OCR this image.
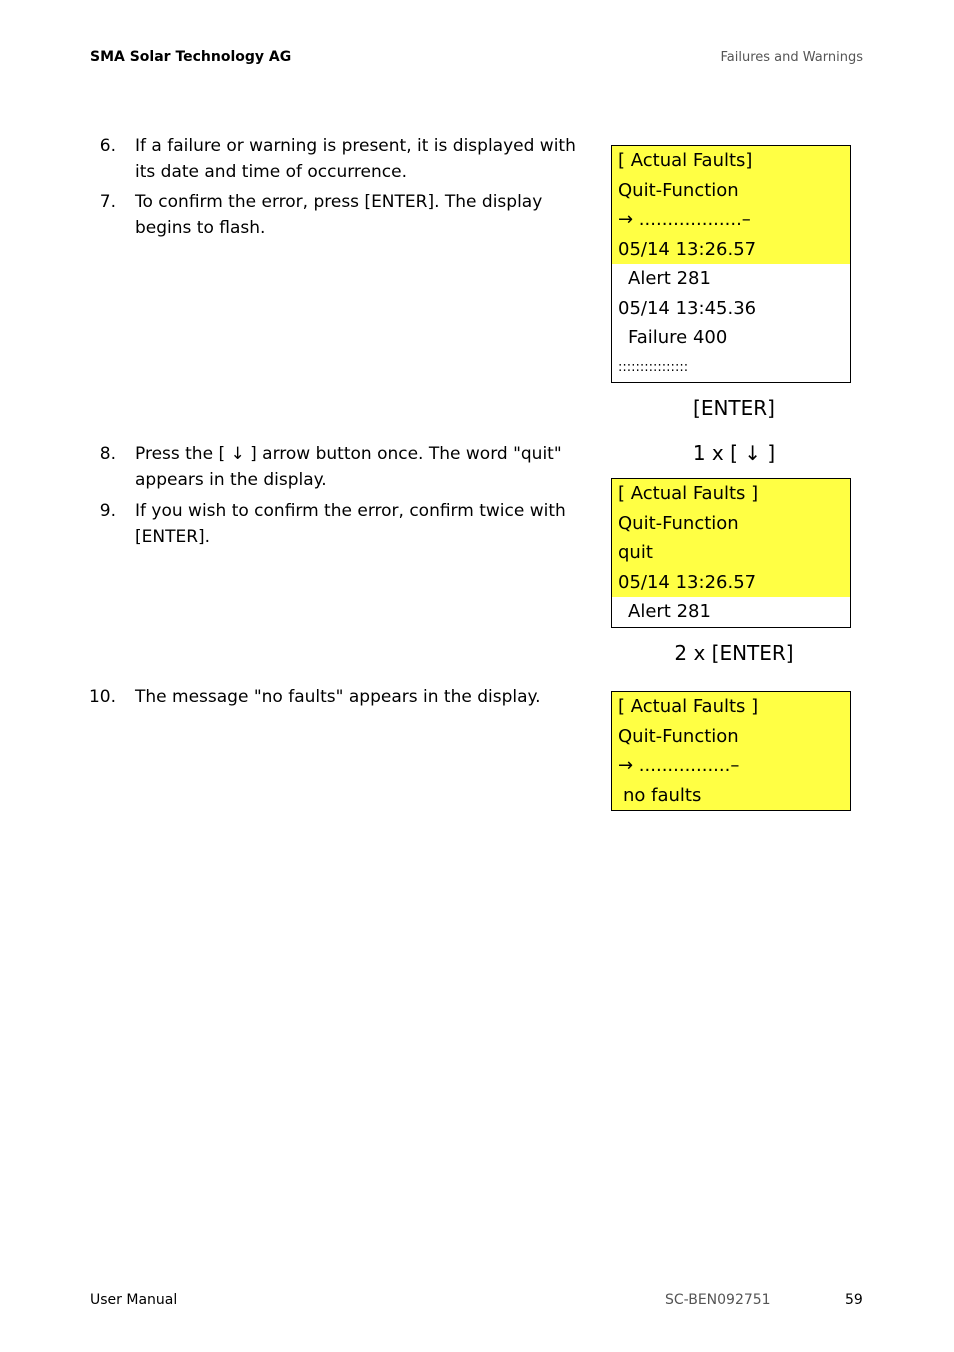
SMA Solar Technology AG	Failures and Warnings
6. If a failure or warning is present, it is displayed with its date and time of occurrence.
7. To confirm the error, press [ENTER]. The display begins to flash.
8. Press the [ ↓ ] arrow button once. The word "quit" appears in the display.
9. If you wish to confirm the error, confirm twice with [ENTER].
10. The message "no faults" appears in the display.
[ Actual Faults]
Quit-Function
→ ..................–
05/14 13:26.57
Alert 281
05/14 13:45.36
Failure 400
::::::::::::::::
[ENTER]
1 x [ ↓ ]
[ Actual Faults ]
Quit-Function
quit
05/14 13:26.57
Alert 281
2 x [ENTER]
[ Actual Faults ]
Quit-Function
→ ................–
no faults
User Manual	SC-BEN092751	59
